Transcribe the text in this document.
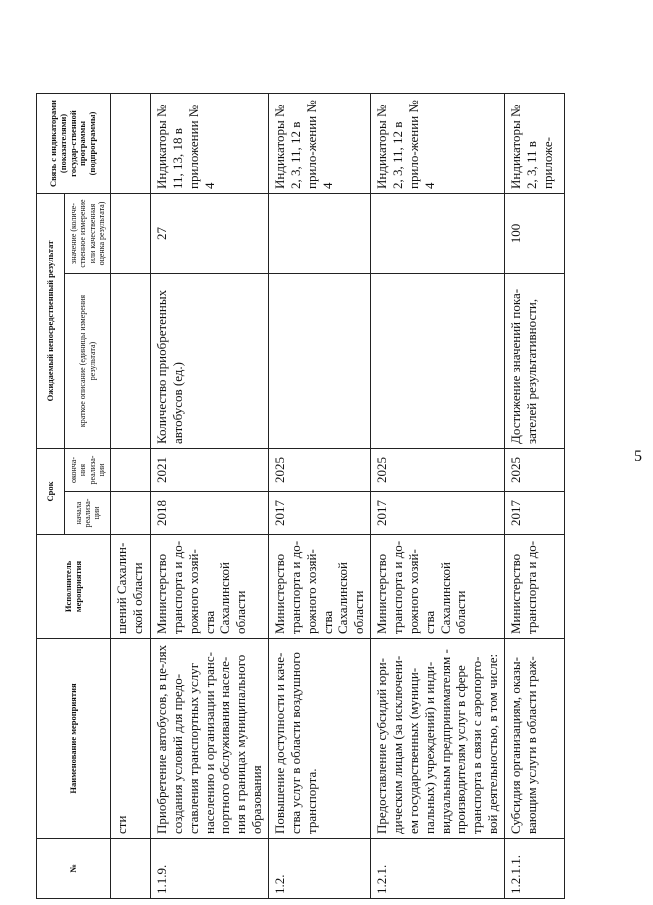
5
№	Наименование мероприятия	Исполнитель мероприятия	Срок		Ожидаемый непосредственный результат		Связь с индикаторами (показателями) государ-ственной программы (подпрограммы)
			начала реализа-ции	оконча-ния реализа-ции	краткое описание (единицы измерения результата)	значение (количе-ственное измерение или качественная оценка результата)	
	сти	шений Сахалин-ской области					
1.1.9.	Приобретение автобусов, в це-лях создания условий для предо-ставления транспортных услуг населению и организации транс-портного обслуживания населе-ния в границах муниципального образования	Министерство транспорта и до-рожного хозяй-ства Сахалинской области	2018	2021	Количество приобретенных автобусов (ед.)	27	Индикаторы № 11, 13, 18 в приложении № 4
1.2.	Повышение доступности и каче-ства услуг в области воздушного транспорта.	Министерство транспорта и до-рожного хозяй-ства Сахалинской области	2017	2025			Индикаторы № 2, 3, 11, 12 в прило-жении № 4
1.2.1.	Предоставление субсидий юри-дическим лицам (за исключени-ем государственных (муници-пальных) учреждений) и инди-видуальным предпринимателям - производителям услуг в сфере транспорта в связи с аэропорто-вой деятельностью, в том числе:	Министерство транспорта и до-рожного хозяй-ства Сахалинской области	2017	2025			Индикаторы № 2, 3, 11, 12 в прило-жении № 4
1.2.1.1.	Субсидия организациям, оказы-вающим услуги в области граж-	Министерство транспорта и до-	2017	2025	Достижение значений пока-зателей результативности,	100	Индикаторы № 2, 3, 11 в приложе-
